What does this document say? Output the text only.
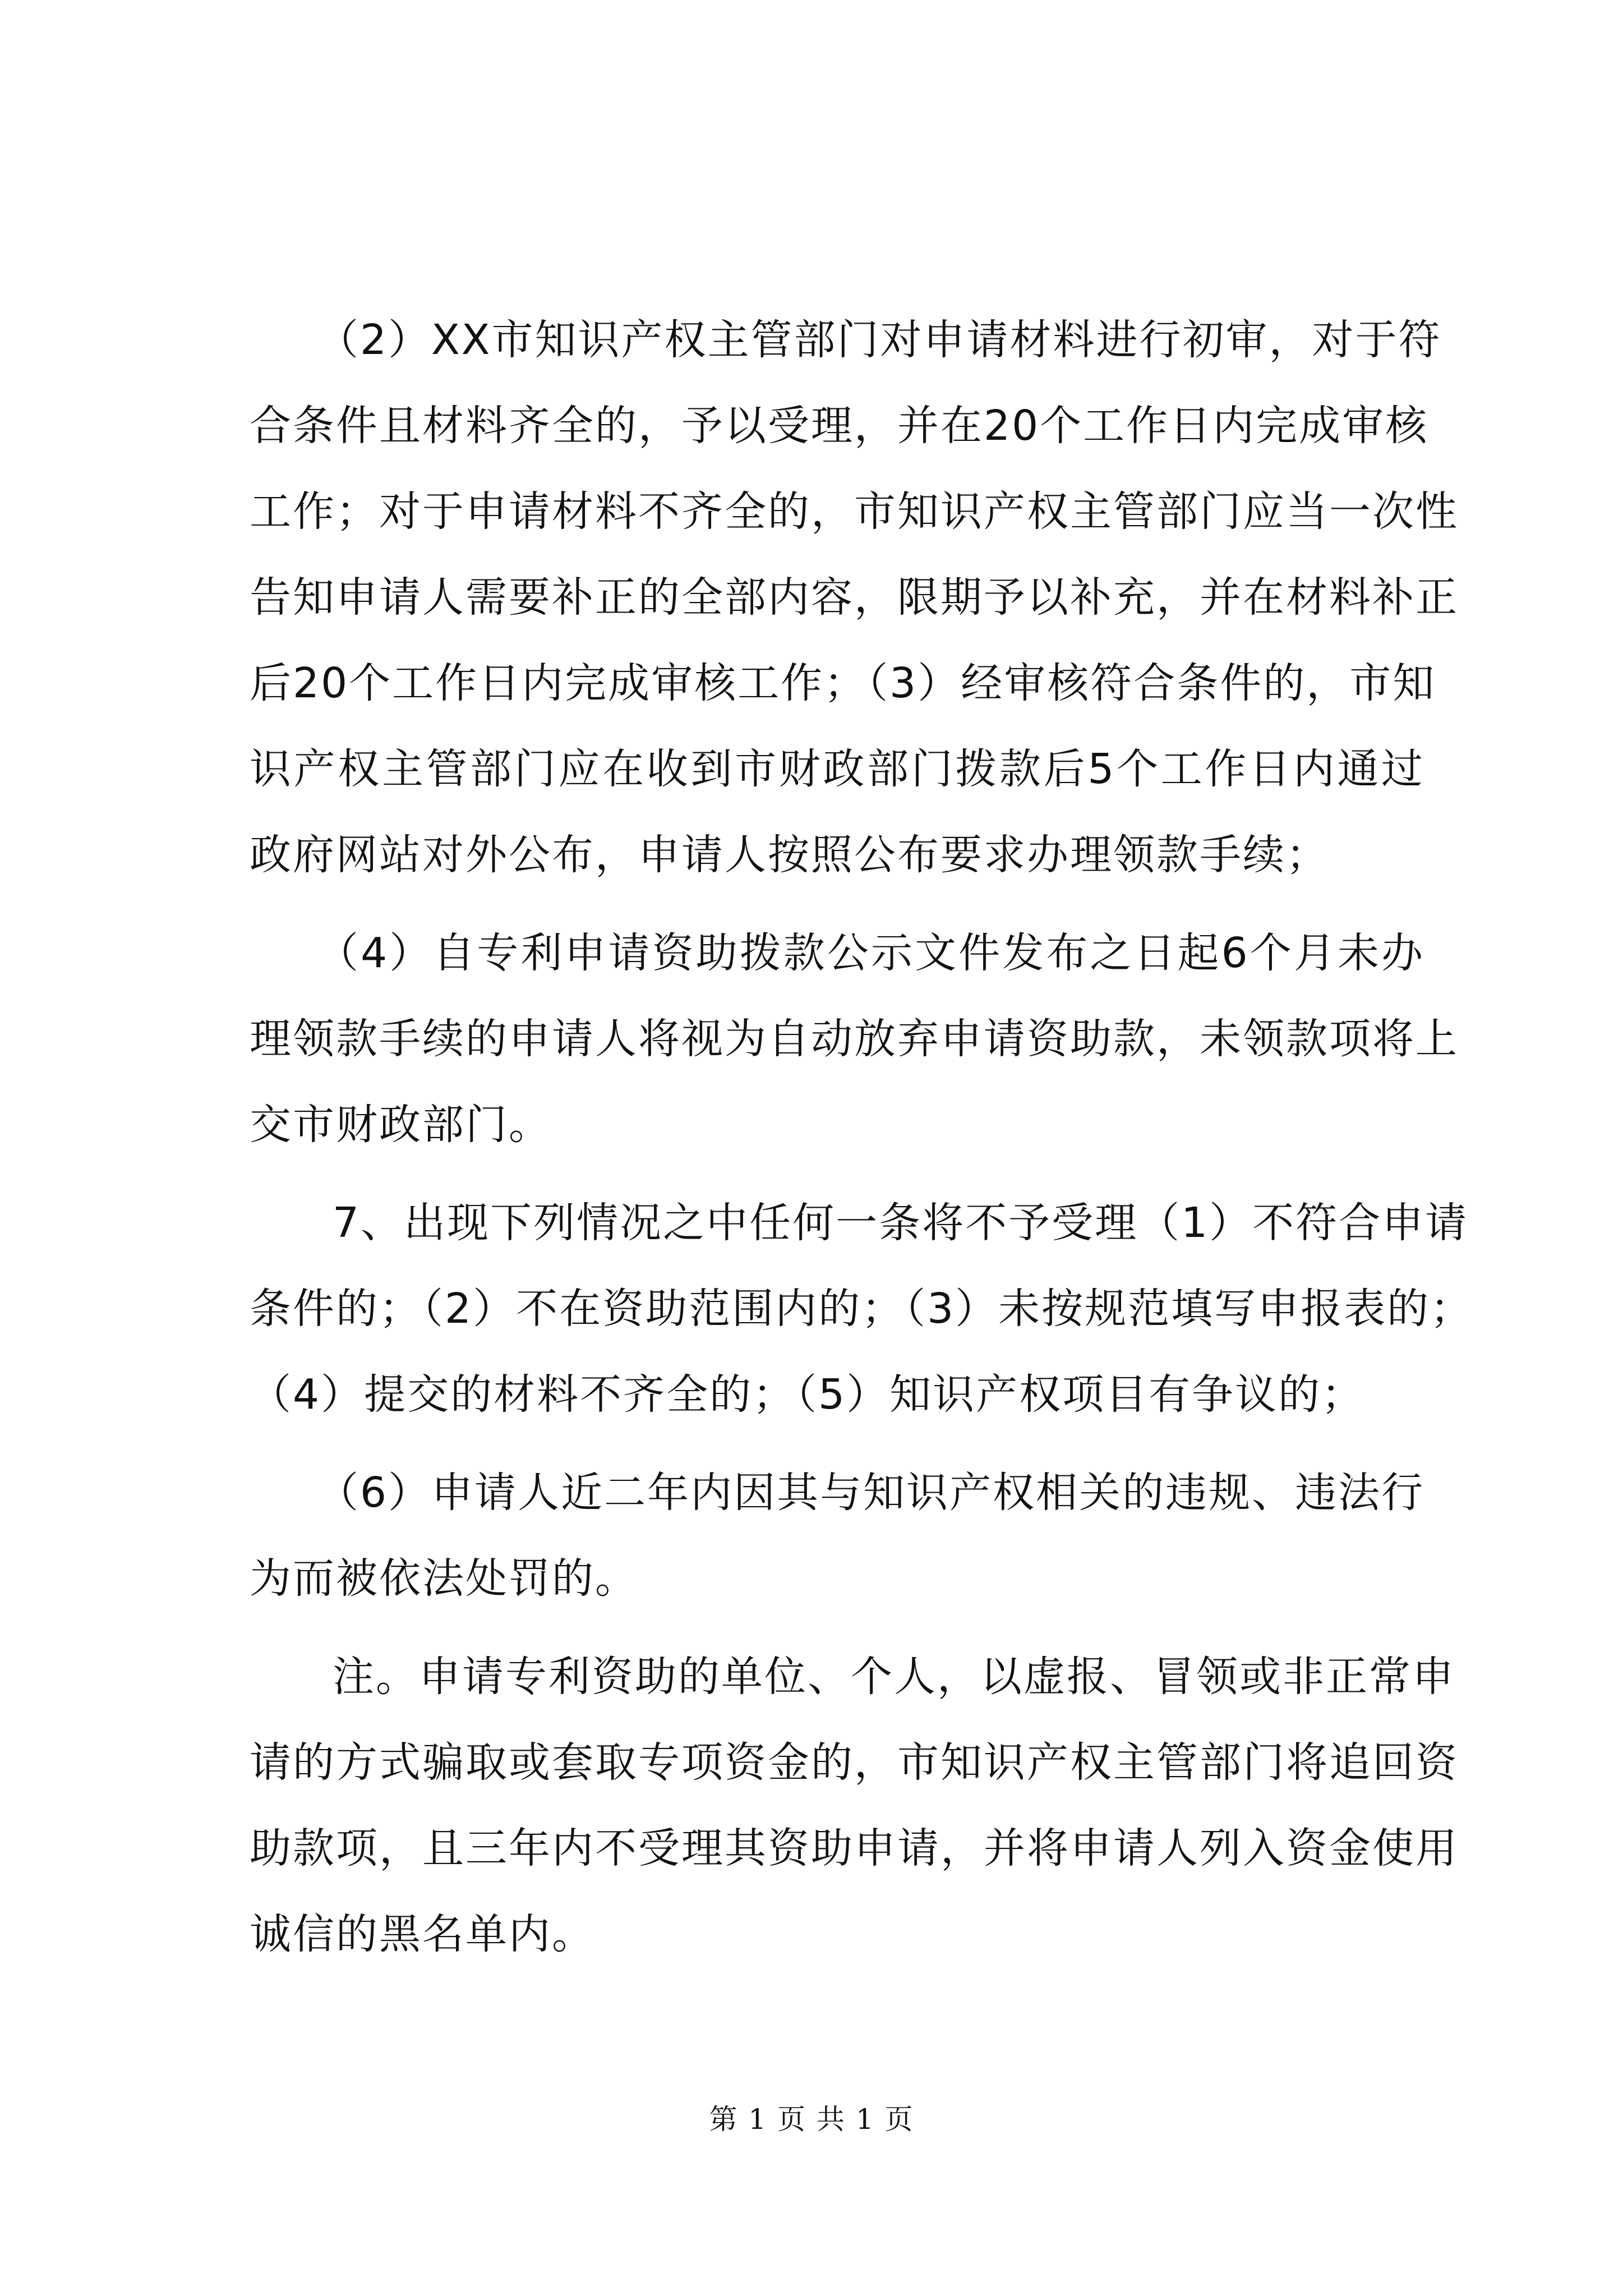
（2）XX市知识产权主管部门对申请材料进行初审，对于符
合条件且材料齐全的，予以受理，并在20个工作日内完成审核
工作；对于申请材料不齐全的，市知识产权主管部门应当一次性
告知申请人需要补正的全部内容，限期予以补充，并在材料补正
后20个工作日内完成审核工作；（3）经审核符合条件的，市知
识产权主管部门应在收到市财政部门拨款后5个工作日内通过
政府网站对外公布，申请人按照公布要求办理领款手续；
（4）自专利申请资助拨款公示文件发布之日起6个月未办
理领款手续的申请人将视为自动放弃申请资助款，未领款项将上
交市财政部门。
7、出现下列情况之中任何一条将不予受理（1）不符合申请
条件的；（2）不在资助范围内的；（3）未按规范填写申报表的；
（4）提交的材料不齐全的；（5）知识产权项目有争议的；
（6）申请人近二年内因其与知识产权相关的违规、违法行
为而被依法处罚的。
注。申请专利资助的单位、个人，以虚报、冒领或非正常申
请的方式骗取或套取专项资金的，市知识产权主管部门将追回资
助款项，且三年内不受理其资助申请，并将申请人列入资金使用
诚信的黑名单内。
第 1 页 共 1 页
